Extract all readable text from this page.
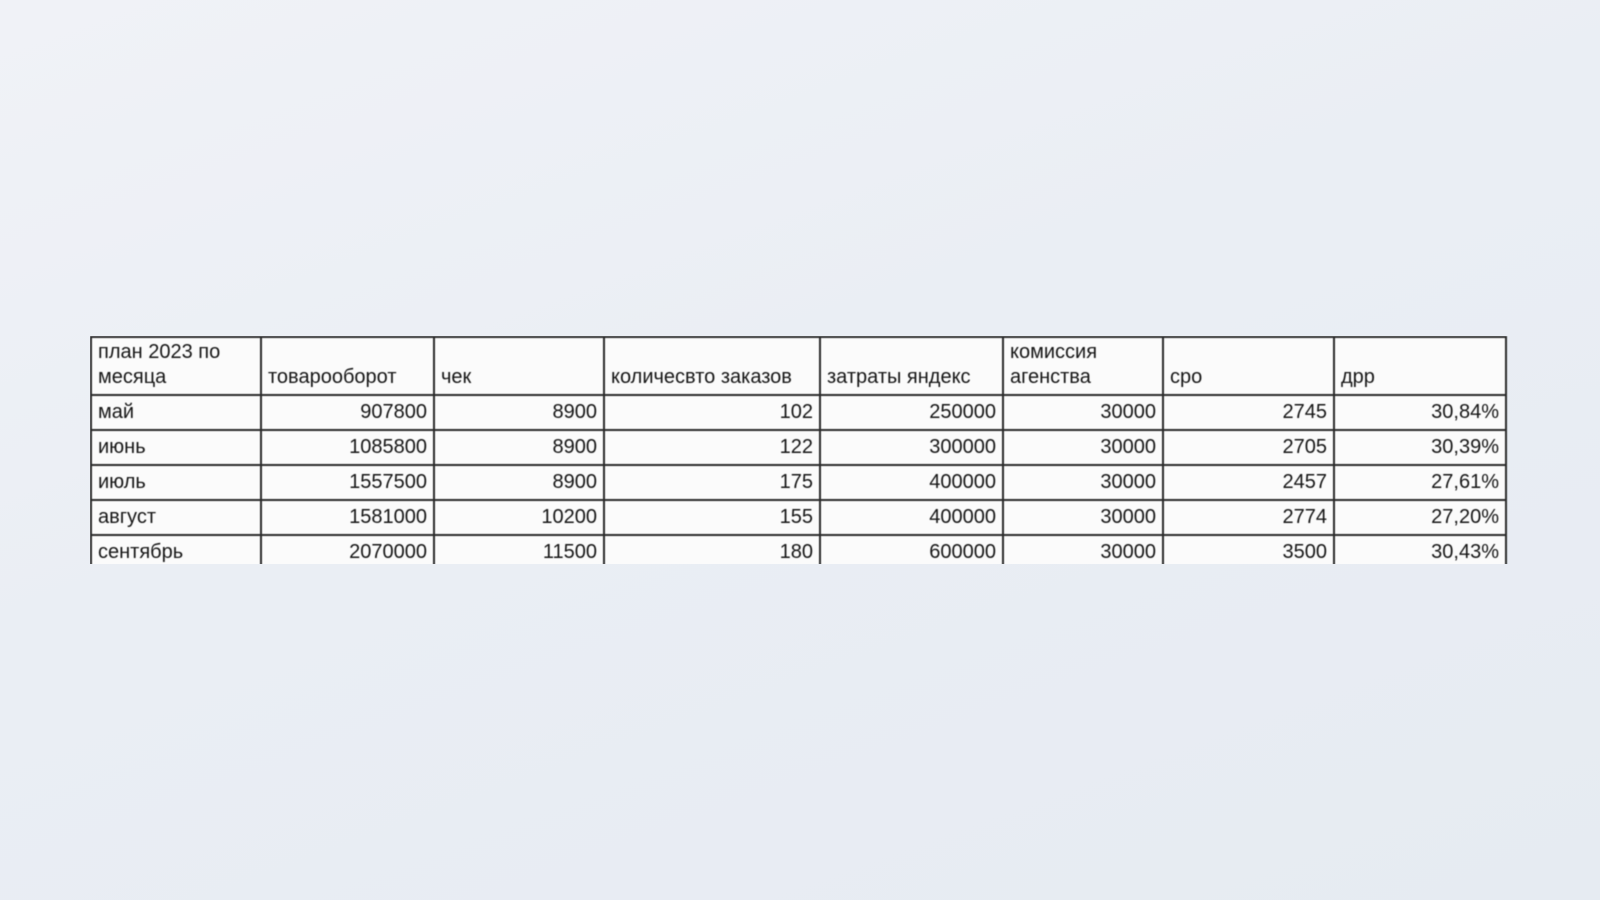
план 2023 по месяца	товарооборот	чек	количесвто заказов	затраты яндекс	комиссия агенства	сро	дрр
май	907800	8900	102	250000	30000	2745	30,84%
июнь	1085800	8900	122	300000	30000	2705	30,39%
июль	1557500	8900	175	400000	30000	2457	27,61%
август	1581000	10200	155	400000	30000	2774	27,20%
сентябрь	2070000	11500	180	600000	30000	3500	30,43%
